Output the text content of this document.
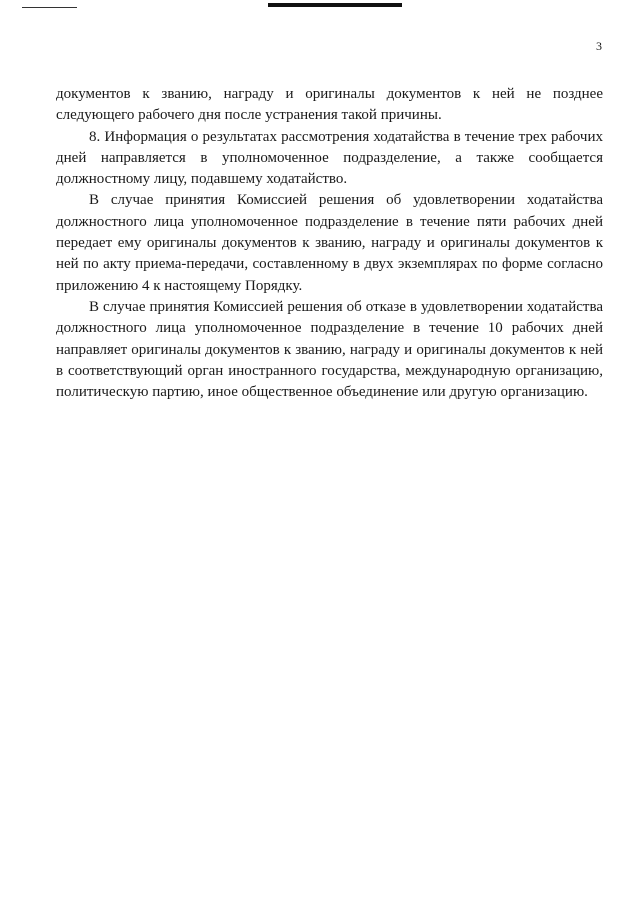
3

документов к званию, награду и оригиналы документов к ней не позднее следующего рабочего дня после устранения такой причины.

8. Информация о результатах рассмотрения ходатайства в течение трех рабочих дней направляется в уполномоченное подразделение, а также сообщается должностному лицу, подавшему ходатайство.

В случае принятия Комиссией решения об удовлетворении ходатайства должностного лица уполномоченное подразделение в течение пяти рабочих дней передает ему оригиналы документов к званию, награду и оригиналы документов к ней по акту приема-передачи, составленному в двух экземплярах по форме согласно приложению 4 к настоящему Порядку.

В случае принятия Комиссией решения об отказе в удовлетворении ходатайства должностного лица уполномоченное подразделение в течение 10 рабочих дней направляет оригиналы документов к званию, награду и оригиналы документов к ней в соответствующий орган иностранного государства, международную организацию, политическую партию, иное общественное объединение или другую организацию.
